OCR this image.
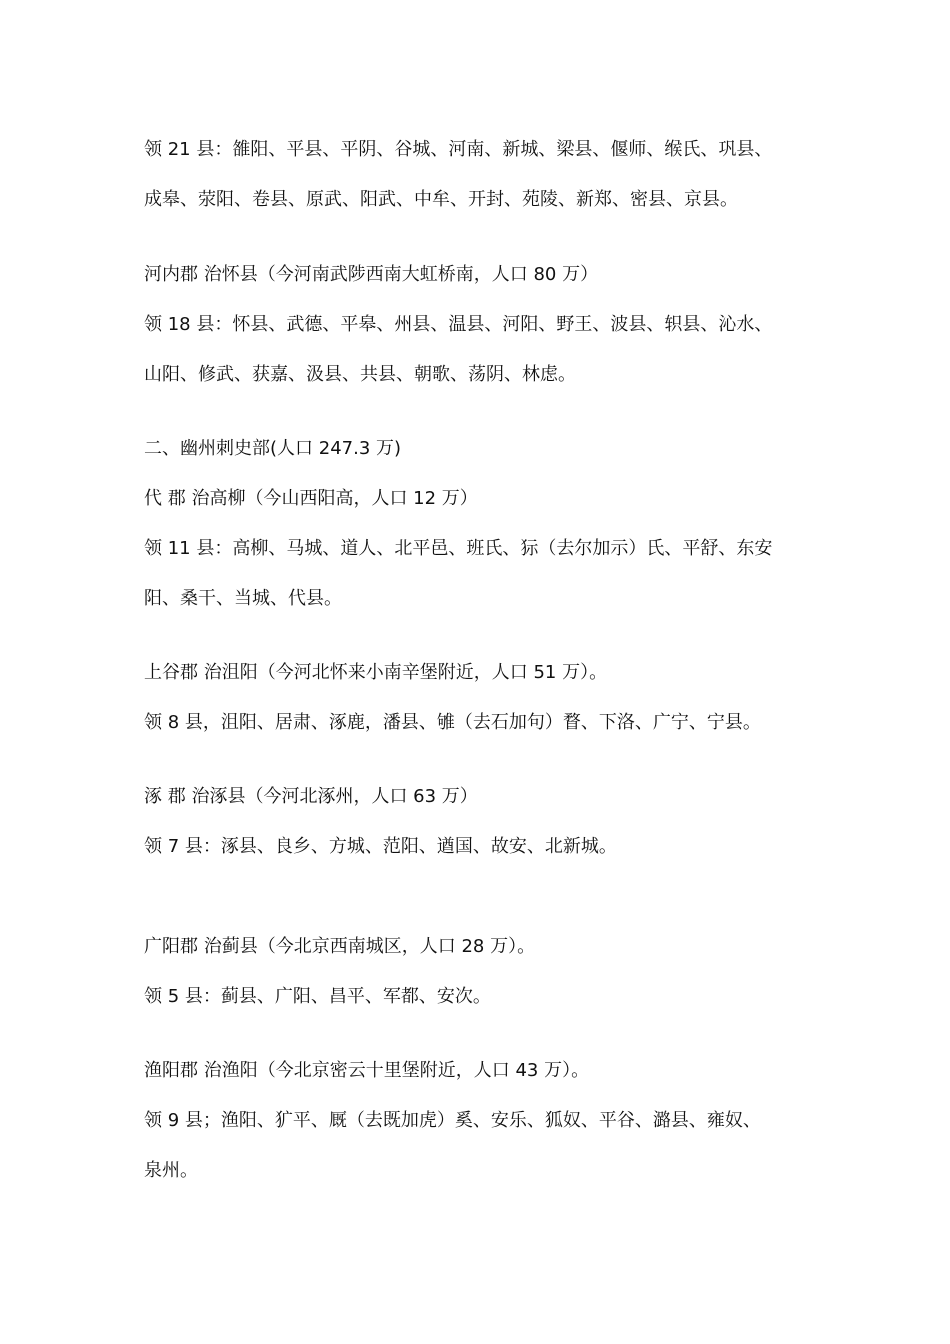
领 21 县：雒阳、平县、平阴、谷城、河南、新城、梁县、偃师、缑氏、巩县、
成皋、荥阳、卷县、原武、阳武、中牟、开封、苑陵、新郑、密县、京县。
河内郡 治怀县（今河南武陟西南大虹桥南，人口 80 万）
领 18 县：怀县、武德、平皋、州县、温县、河阳、野王、波县、轵县、沁水、
山阳、修武、获嘉、汲县、共县、朝歌、荡阴、林虑。
二、幽州刺史部(人口 247.3 万)
代 郡 治高柳（今山西阳高，人口 12 万）
领 11 县：高柳、马城、道人、北平邑、班氏、狋（去尔加示）氏、平舒、东安
阳、桑干、当城、代县。
上谷郡 治沮阳（今河北怀来小南辛堡附近，人口 51 万）。
领 8 县，沮阳、居肃、涿鹿，潘县、雊（去石加句）瞀、下洛、广宁、宁县。
涿 郡 治涿县（今河北涿州，人口 63 万）
领 7 县：涿县、良乡、方城、范阳、遒国、故安、北新城。
广阳郡 治蓟县（今北京西南城区，人口 28 万）。
领 5 县：蓟县、广阳、昌平、军都、安次。
渔阳郡 治渔阳（今北京密云十里堡附近，人口 43 万）。
领 9 县；渔阳、犷平、厩（去既加虎）奚、安乐、狐奴、平谷、潞县、雍奴、
泉州。
